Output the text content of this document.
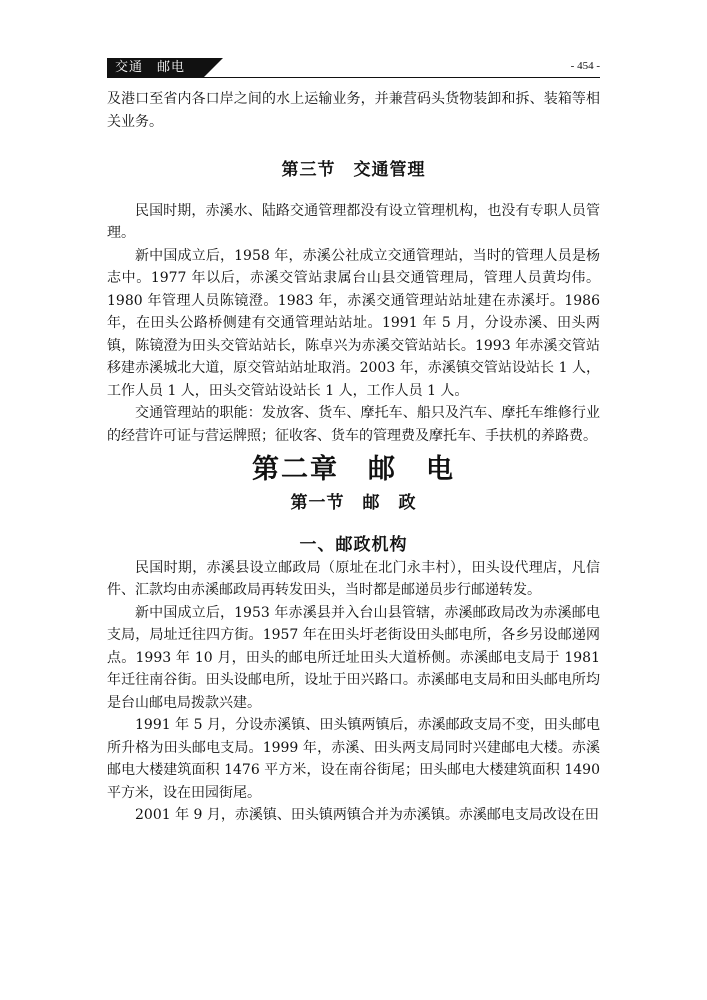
交通　邮电	- 454 -

及港口至省内各口岸之间的水上运输业务，并兼营码头货物装卸和拆、装箱等相关业务。

第三节　交通管理

民国时期，赤溪水、陆路交通管理都没有设立管理机构，也没有专职人员管理。

新中国成立后，1958 年，赤溪公社成立交通管理站，当时的管理人员是杨志中。1977 年以后，赤溪交管站隶属台山县交通管理局，管理人员黄均伟。1980 年管理人员陈镜澄。1983 年，赤溪交通管理站站址建在赤溪圩。1986 年，在田头公路桥侧建有交通管理站站址。1991 年 5 月，分设赤溪、田头两镇，陈镜澄为田头交管站站长，陈卓兴为赤溪交管站站长。1993 年赤溪交管站移建赤溪城北大道，原交管站站址取消。2003 年，赤溪镇交管站设站长 1 人，工作人员 1 人，田头交管站设站长 1 人，工作人员 1 人。

交通管理站的职能：发放客、货车、摩托车、船只及汽车、摩托车维修行业的经营许可证与营运牌照；征收客、货车的管理费及摩托车、手扶机的养路费。

第二章　邮　电

第一节　邮　政

一、邮政机构

民国时期，赤溪县设立邮政局（原址在北门永丰村），田头设代理店，凡信件、汇款均由赤溪邮政局再转发田头，当时都是邮递员步行邮递转发。

新中国成立后，1953 年赤溪县并入台山县管辖，赤溪邮政局改为赤溪邮电支局，局址迁往四方街。1957 年在田头圩老街设田头邮电所，各乡另设邮递网点。1993 年 10 月，田头的邮电所迁址田头大道桥侧。赤溪邮电支局于 1981 年迁往南谷街。田头设邮电所，设址于田兴路口。赤溪邮电支局和田头邮电所均是台山邮电局拨款兴建。

1991 年 5 月，分设赤溪镇、田头镇两镇后，赤溪邮政支局不变，田头邮电所升格为田头邮电支局。1999 年，赤溪、田头两支局同时兴建邮电大楼。赤溪邮电大楼建筑面积 1476 平方米，设在南谷街尾；田头邮电大楼建筑面积 1490 平方米，设在田园街尾。

2001 年 9 月，赤溪镇、田头镇两镇合并为赤溪镇。赤溪邮电支局改设在田
